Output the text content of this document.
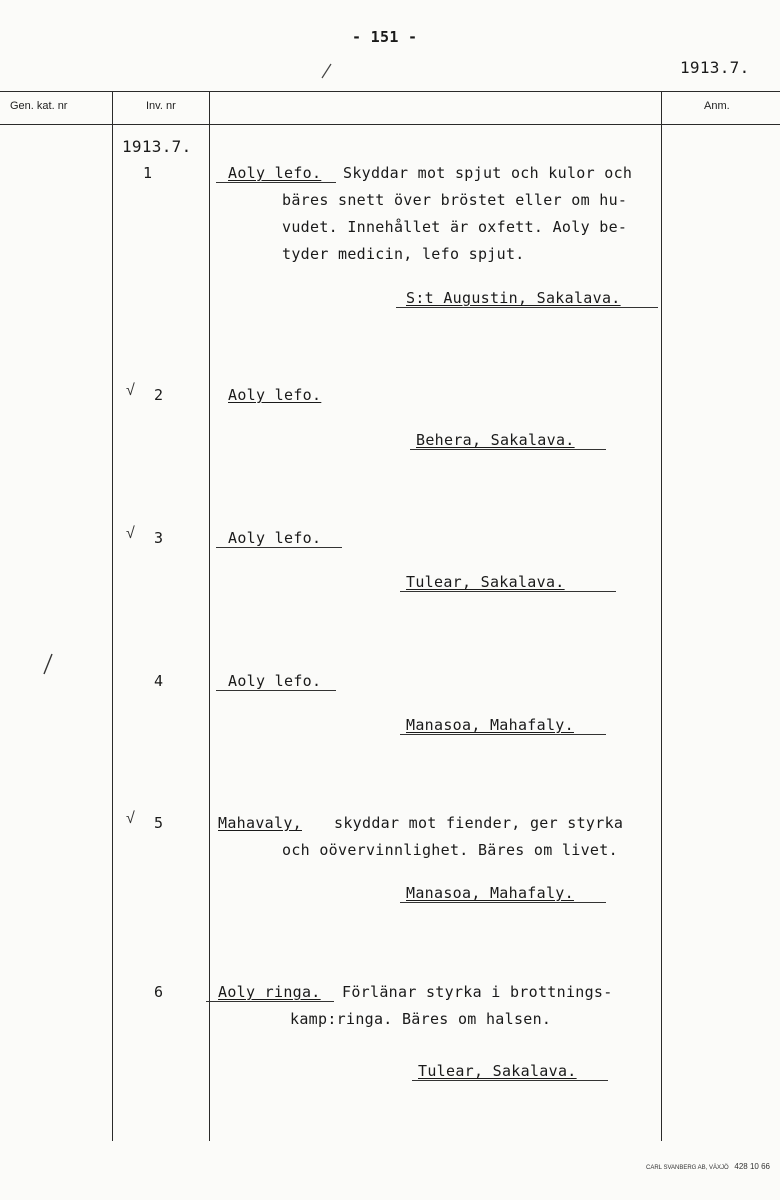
- 151 -
1913.7.
Gen. kat. nr	Inv. nr	Anm.
1913.7.
1	Aoly lefo. Skyddar mot spjut och kulor och
bäres snett över bröstet eller om hu-
vudet. Innehållet är oxfett. Aoly be-
tyder medicin, lefo spjut.
S:t Augustin, Sakalava.
√ 2	Aoly lefo.
Behera, Sakalava.
√ 3	Aoly lefo.
Tulear, Sakalava.
4	Aoly lefo.
Manasoa, Mahafaly.
√ 5	Mahavaly, skyddar mot fiender, ger styrka
och oövervinnlighet. Bäres om livet.
Manasoa, Mahafaly.
6	Aoly ringa. Förlänar styrka i brottnings-
kamp:ringa. Bäres om halsen.
Tulear, Sakalava.
CARL SVANBERG AB, VÄXJÖ 428 10 66
